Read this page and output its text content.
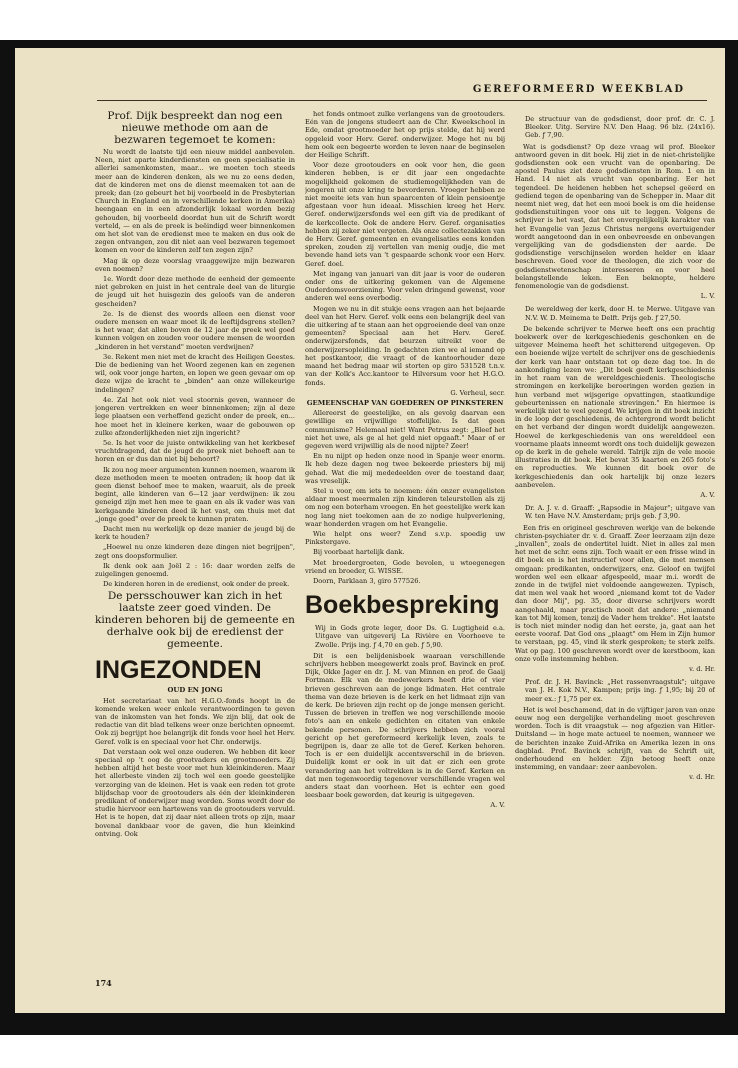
GEREFORMEERD WEEKBLAD

Prof. Dijk bespreekt dan nog een nieuwe methode om aan de bezwaren tegemoet te komen:

Nu wordt de laatste tijd een nieuw middel aanbevolen. Neen, niet aparte kinderdiensten en geen specialisatie in allerlei samenkomsten, maar... we moeten toch steeds meer aan de kinderen denken, als we nu zo eens deden, dat de kinderen met ons de dienst meemaken tot aan de preek; dan (zo gebeurt het bij voorbeeld in de Presbyterian Church in England en in verschillende kerken in Amerika) heengaan en in een afzonderlijk lokaal worden bezig gehouden, bij voorbeeld doordat hun uit de Schrift wordt verteld, — en als de preek is beëindigd weer binnenkomen om het slot van de eredienst mee te maken en dus ook de zegen ontvangen, zou dit niet aan veel bezwaren tegemoet komen en voor de kinderen zelf ten zegen zijn?

Mag ik op deze voorslag vraaggewijze mijn bezwaren even noemen?

1e. Wordt door deze methode de eenheid der gemeente niet gebroken en juist in het centrale deel van de liturgie de jeugd uit het huisgezin des geloofs van de anderen gescheiden?

2e. Is de dienst des woords alleen een dienst voor oudere mensen en waar moet ik de leeftijdsgrens stellen? is het waar, dat allen boven de 12 jaar de preek wel goed kunnen volgen en zouden voor oudere mensen de woorden „kinderen in het verstand" moeten verdwijnen?

3e. Rekent men niet met de kracht des Heiligen Geestes. Die de bediening van het Woord zegenen kan en zegenen wil, ook voor jonge harten, en lopen we geen gevaar om op deze wijze de kracht te „binden" aan onze willekeurige indelingen?

4e. Zal het ook niet veel stoornis geven, wanneer de jongeren vertrekken en weer binnenkomen; zijn al deze lege plaatsen een verheffend gezicht onder de preek, en... hoe moet het in kleinere kerken, waar de gebouwen op zulke afzonderlijkheden niet zijn ingericht?

5e. Is het voor de juiste ontwikkeling van het kerkbesef vruchtdragend, dat de jeugd de preek niet behoeft aan te horen en er dus dan niet bij behoort?

Ik zou nog meer argumenten kunnen noemen, waarom ik deze methoden meen te moeten ontraden; ik hoop dat ik geen dienst behoef mee te maken, waaruit, als de preek begint, alle kinderen van 6—12 jaar verdwijnen: ik zou geneigd zijn met hen mee te gaan en als ik vader was van kerkgaande kinderen deed ik het vast, om thuis met dat „jonge goed" over de preek te kunnen praten.

Dacht men nu werkelijk op deze manier de jeugd bij de kerk te houden?

„Hoewel nu onze kinderen deze dingen niet begrijpen", zegt ons doopsformulier.

Ik denk ook aan Joël 2 : 16: daar worden zelfs de zuigelingen genoemd.

De kinderen horen in de eredienst, ook onder de preek.

De persschouwer kan zich in het laatste zeer goed vinden. De kinderen behoren bij de gemeente en derhalve ook bij de eredienst der gemeente.

INGEZONDEN

OUD EN JONG

Het secretariaat van het H.G.O.-fonds hoopt in de komende weken weer enkele verantwoordingen te geven van de inkomsten van het fonds. We zijn blij, dat ook de redactie van dit blad telkens weer onze berichten opneemt. Ook zij begrijpt hoe belangrijk dit fonds voor heel het Herv. Geref. volk is en speciaal voor het Chr. onderwijs.

Dat verstaan ook wel onze ouderen. We hebben dit keer speciaal op 't oog de grootvaders en grootmoeders. Zij hebben altijd het beste voor met hun kleinkinderen. Maar het allerbeste vinden zij toch wel een goede geestelijke verzorging van de kleinen. Het is vaak een reden tot grote blijdschap voor de grootouders als één der kleinkinderen predikant of onderwijzer mag worden. Soms wordt door de studie hiervoor een hartewens van de grootouders vervuld. Het is te hopen, dat zij daar niet alleen trots op zijn, maar bovenal dankbaar voor de gaven, die hun kleinkind ontving. Ook

het fonds ontmoet zulke verlangens van de grootouders. Eén van de jongens studeert aan de Chr. Kweekschool in Ede, omdat grootmoeder het op prijs stelde, dat hij werd opgeleid voor Herv. Geref. onderwijzer. Moge het nu bij hem ook een begeerte worden te leven naar de beginselen der Heilige Schrift.

Voor deze grootouders en ook voor hen, die geen kinderen hebben, is er dit jaar een ongedachte mogelijkheid gekomen de studiemogelijkheden van de jongeren uit onze kring te bevorderen. Vroeger hebben ze niet moeite iets van hun spaarcenten of klein pensioentje afgestaan voor hun ideaal. Misschien kreeg het Herv. Geref. onderwijzersfonds wel een gift via de predikant of de kerkcollecte. Ook de andere Herv. Geref. organisaties hebben zij zeker niet vergeten. Als onze collectezakken van de Herv. Geref. gemeenten en evangelisaties eens konden spreken, zouden zij vertellen van menig oudje, die met bevende hand iets van 't gespaarde schonk voor een Herv. Geref. doel.

Met ingang van januari van dit jaar is voor de ouderen onder ons de uitkering gekomen van de Algemene Ouderdomsvoorziening. Voor velen dringend gewenst, voor anderen wel eens overbodig.

Mogen we nu in dit stukje eens vragen aan het bejaarde deel van het Herv. Geref. volk eens een belangrijk deel van die uitkering af te staan aan het opgroeiende deel van onze gemeenten? Speciaal aan het Herv. Geref. onderwijzersfonds, dat beurzen uitreikt voor de onderwijzersopleiding. In gedachten zien we al iemand op het postkantoor, die vraagt of de kantoorhouder deze maand het bedrag maar wil storten op giro 531528 t.n.v. van der Kolk's Acc.kantoor te Hilversum voor het H.G.O. fonds.

G. Verheul, secr.

GEMEENSCHAP VAN GOEDEREN OP PINKSTEREN

Allereerst de geestelijke, en als gevolg daarvan een gewillige en vrijwillige stoffelijke. Is dat geen communisme? Helemaal niet! Want Petrus zegt: „Bleef het niet het uwe, als ge al het geld niet opgaaft." Maar of er gegeven werd vrijwillig als de nood nijpte? Zeer!

En nu nijpt op heden onze nood in Spanje weer enorm. Ik heb deze dagen nog twee bekeerde priesters bij mij gehad. Wat die mij mededeelden over de toestand daar, was vreselijk.

Stel u voor, om iets te noemen: één onzer evangelisten aldaar moest meermalen zijn kinderen teleurstellen als zij om nog een boterham vroegen. En het geestelijke werk kan nog lang niet toekomen aan de zo nodige hulpverlening, waar honderden vragen om het Evangelie.

Wie helpt ons weer? Zend s.v.p. spoedig uw Pinkstergave.

Bij voorbaat hartelijk dank.

Met broedergroeten, Gode bevolen, u wtoegenegen vriend en broeder, G. WISSE.

Doorn, Parklaan 3, giro 577526.

Boekbespreking

Wij in Gods grote leger, door Ds. G. Lugtigheid e.a. Uitgave van uitgeverij La Rivière en Voorhoeve te Zwolle. Prijs ing. ƒ 4,70 en geb. ƒ 5,90.

Dit is een belijdenisboek waaraan verschillende schrijvers hebben meegewerkt zoals prof. Bavinck en prof. Dijk, Okke Jager en dr. J. M. van Minnen en prof. de Gaaij Fortman. Elk van de medewerkers heeft drie of vier brieven geschreven aan de jonge lidmaten. Het centrale thema van deze brieven is de kerk en het lidmaat zijn van de kerk. De brieven zijn recht op de jonge mensen gericht. Tussen de brieven in treffen we nog verschillende mooie foto's aan en enkele gedichten en citaten van enkele bekende personen. De schrijvers hebben zich vooral gericht op het gereformeerd kerkelijk leven, zoals te begrijpen is, daar ze alle tot de Geref. Kerken behoren. Toch is er een duidelijk accentsverschil in de brieven. Duidelijk komt er ook in uit dat er zich een grote verandering aan het voltrekken is in de Geref. Kerken en dat men tegenwoordig tegenover verschillende vragen wel anders staat dan voorheen. Het is echter een goed leesbaar boek geworden, dat keurig is uitgegeven.

A. V.

De structuur van de godsdienst, door prof. dr. C. J. Bleeker. Uitg. Servire N.V. Den Haag. 96 blz. (24x16). Geb. ƒ 7,90.

Wat is godsdienst? Op deze vraag wil prof. Bleeker antwoord geven in dit boek. Hij ziet in de niet-christelijke godsdiensten ook een vrucht van de openbaring. De apostel Paulus ziet deze godsdiensten in Rom. 1 en in Hand. 14 niet als vrucht van openbaring. Eer het tegendeel. De heidenen hebben het schepsel geëerd en gediend tegen de openbaring van de Schepper in. Maar dit neemt niet weg, dat het een mooi boek is om die heidense godsdienstuitingen voor ons uit te leggen. Volgens de schrijver is het vast, dat het onvergelijkelijk karakter van het Evangelie van Jezus Christus nergens overtuigender wordt aangetoond dan in een onbevreesde en onbevangen vergelijking van de godsdiensten der aarde. De godsdienstige verschijnselen worden helder en klaar beschreven. Goed voor de theologen, die zich voor de godsdienstwetenschap interesseren en voor heel belangstellende leken. Een beknopte, heldere fenomenologie van de godsdienst.

L. V.

De wereldweg der kerk, door H. te Merwe. Uitgave van N.V. W. D. Meinema te Delft. Prijs geb. ƒ 27,50.

De bekende schrijver te Merwe heeft ons een prachtig boekwerk over de kerkgeschiedenis geschonken en de uitgever Meinema heeft het schitterend uitgegeven. Op een boeiende wijze vertelt de schrijver ons de geschiedenis der kerk van haar ontstaan tot op deze dag toe. In de aankondiging lezen we: „Dit boek geeft kerkgeschiedenis in het raam van de wereldgeschiedenis. Theologische stromingen en kerkelijke beroeringen worden gezien in hun verband met wijsgerige opvattingen, staatkundige gebeurtenissen en nationale strevingen." En hiermee is werkelijk niet te veel gezegd. We krijgen in dit boek inzicht in de loop der geschiedenis, de achtergrond wordt belicht en het verband der dingen wordt duidelijk aangewezen. Hoewel de kerkgeschiedenis van ons werelddeel een voorname plaats inneemt wordt ons toch duidelijk gewezen op de kerk in de gehele wereld. Talrijk zijn de vele mooie illustraties in dit boek. Het bevat 35 kaarten en 265 foto's en reproducties. We kunnen dit boek over de kerkgeschiedenis dan ook hartelijk bij onze lezers aanbevelen.

A. V.

Dr. A. J. v. d. Graaff: „Rapsodie in Majeur"; uitgave van W. ten Have N.V. Amsterdam; prijs geb. ƒ 3,90.

Een fris en origineel geschreven werkje van de bekende christen-psychiater dr. v. d. Graaff. Zeer leerzaam zijn deze „invallen", zoals de ondertitel luidt. Niet in alles zal men het met de schr. eens zijn. Toch waait er een frisse wind in dit boek en is het instructief voor allen, die met mensen omgaan: predikanten, onderwijzers, enz. Geloof en twijfel worden wel een elkaar afgespeeld, maar m.i. wordt de zonde in de twijfel niet voldoende aangewezen. Typisch, dat men wel vaak het woord „niemand komt tot de Vader dan door Mij", pg. 35, door diverse schrijvers wordt aangehaald, maar practisch nooit dat andere: „niemand kan tot Mij komen, tenzij de Vader hem trekke". Het laatste is toch niet minder nodig dan het eerste, ja, gaat aan het eerste vooraf. Dat God ons „plaagt" om Hem in Zijn humor te verstaan, pg. 45, vind ik sterk gesproken; te sterk zelfs. Wat op pag. 100 geschreven wordt over de kerstboom, kan onze volle instemming hebben.

v. d. Hr.

Prof. dr. J. H. Bavinck: „Het rassenvraagstuk"; uitgave van J. H. Kok N.V., Kampen; prijs ing. ƒ 1,95; bij 20 of meer ex.: ƒ 1,75 per ex.

Het is wel beschamend, dat in de vijftiger jaren van onze eeuw nog een dergelijke verhandeling moet geschreven worden. Toch is dit vraagstuk — nog afgezien van Hitler-Duitsland — in hoge mate actueel te noemen, wanneer we de berichten inzake Zuid-Afrika en Amerika lezen in ons dagblad. Prof. Bavinck schrijft, van de Schrift uit, onderhoudend en helder. Zijn betoog heeft onze instemming, en vandaar: zeer aanbevolen.

v. d. Hr.

174
